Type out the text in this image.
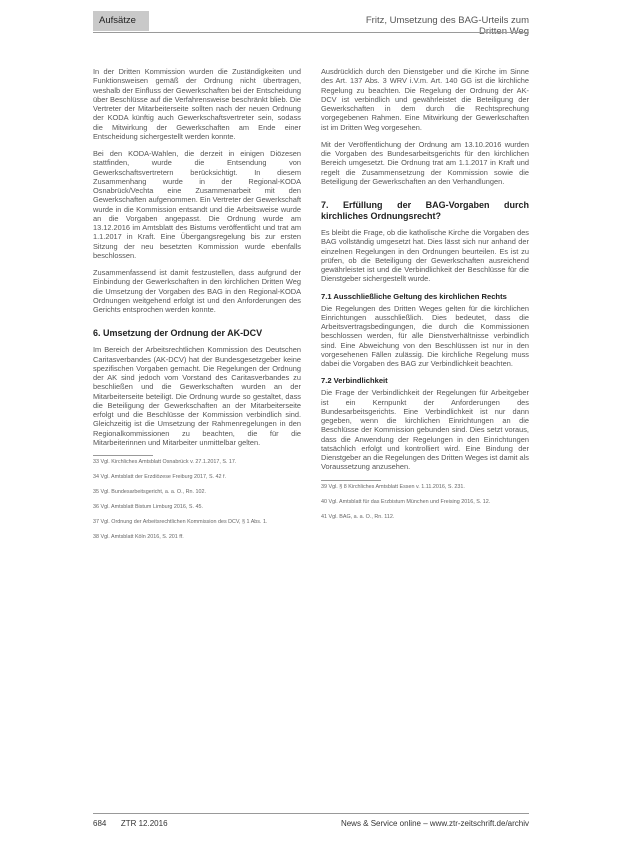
Aufsätze	Fritz, Umsetzung des BAG-Urteils zum

In der Dritten Kommission wurden die Zuständigkeiten und Funktionsweisen gemäß der Ordnung nicht übertragen, weshalb der Einfluss der Gewerkschaften bei der Entscheidung über Beschlüsse auf die Verfahrensweise beschränkt blieb. Die Vertreter der Mitarbeiterseite sollten nach der neuen Ordnung der KODA künftig auch Gewerkschaftsvertreter sein, sodass die Mitwirkung der Gewerkschaften am Ende einer Entscheidung sichergestellt werden konnte.

Bei den KODA-Wahlen, die derzeit in einigen Diözesen stattfinden, wurde die Entsendung von Gewerkschaftsvertretern berücksichtigt. In diesem Zusammenhang wurde in der Regional-KODA Osnabrück/Vechta eine Zusammenarbeit mit den Gewerkschaften aufgenommen. Ein Vertreter der Gewerkschaft wurde in die Kommission entsandt und die Arbeitsweise wurde an die Vorgaben angepasst. Die Ordnung wurde am 13.12.2016 im Amtsblatt des Bistums veröffentlicht und trat am 1.1.2017 in Kraft. Eine Übergangsregelung bis zur ersten Sitzung der neu besetzten Kommission wurde ebenfalls beschlossen.

Zusammenfassend ist damit festzustellen, dass aufgrund der Einbindung der Gewerkschaften in den kirchlichen Dritten Weg die Umsetzung der Vorgaben des BAG in den Regional-KODA Ordnungen weitgehend erfolgt ist und den Anforderungen des Gerichts entsprochen werden konnte.

6. Umsetzung der Ordnung der AK-DCV

Im Bereich der Arbeitsrechtlichen Kommission des Deutschen Caritasverbandes (AK-DCV) hat der Bundesgesetzgeber keine spezifischen Vorgaben gemacht. Die Regelungen der Ordnung der AK sind jedoch vom Vorstand des Caritasverbandes zu beschließen und die Gewerkschaften wurden an der Mitarbeiterseite beteiligt. Die Ordnung wurde so gestaltet, dass die Beteiligung der Gewerkschaften an der Mitarbeiterseite erfolgt und die Beschlüsse der Kommission verbindlich sind. Gleichzeitig ist die Umsetzung der Rahmenregelungen in den Regionalkommissionen zu beachten, die für die Mitarbeiterinnen und Mitarbeiter unmittelbar gelten.

33 Vgl. Kirchliches Amtsblatt Osnabrück v. 27.1.2017, S. 17.

34 Vgl. Amtsblatt der Erzdiözese Freiburg 2017, S. 42 f.

35 Vgl. Bundesarbeitsgericht, a. a. O., Rn. 102.

36 Vgl. Amtsblatt Bistum Limburg 2016, S. 45.

37 Vgl. Ordnung der Arbeitsrechtlichen Kommission des DCV, § 1 Abs. 1.

38 Vgl. Amtsblatt Köln 2016, S. 201 ff.

Ausdrücklich durch den Dienstgeber und die Kirche im Sinne des Art. 137 Abs. 3 WRV i.V.m. Art. 140 GG ist die kirchliche Regelung zu beachten. Die Regelung der Ordnung der AK-DCV ist verbindlich und gewährleistet die Beteiligung der Gewerkschaften in dem durch die Rechtsprechung vorgegebenen Rahmen. Eine Mitwirkung der Gewerkschaften ist im Dritten Weg vorgesehen.

Mit der Veröffentlichung der Ordnung am 13.10.2016 wurden die Vorgaben des Bundesarbeitsgerichts für den kirchlichen Bereich umgesetzt. Die Ordnung trat am 1.1.2017 in Kraft und regelt die Zusammensetzung der Kommission sowie die Beteiligung der Gewerkschaften an den Verhandlungen.

7. Erfüllung der BAG-Vorgaben durch kirchliches Ordnungsrecht?

Es bleibt die Frage, ob die katholische Kirche die Vorgaben des BAG vollständig umgesetzt hat. Dies lässt sich nur anhand der einzelnen Regelungen in den Ordnungen beurteilen. Es ist zu prüfen, ob die Beteiligung der Gewerkschaften ausreichend gewährleistet ist und die Verbindlichkeit der Beschlüsse für die Dienstgeber sichergestellt wurde.

7.1 Ausschließliche Geltung des kirchlichen Rechts

Die Regelungen des Dritten Weges gelten für die kirchlichen Einrichtungen ausschließlich. Dies bedeutet, dass die Arbeitsvertragsbedingungen, die durch die Kommissionen beschlossen werden, für alle Dienstverhältnisse verbindlich sind. Eine Abweichung von den Beschlüssen ist nur in den vorgesehenen Fällen zulässig. Die kirchliche Regelung muss dabei die Vorgaben des BAG zur Verbindlichkeit beachten.

7.2 Verbindlichkeit

Die Frage der Verbindlichkeit der Regelungen für Arbeitgeber ist ein Kernpunkt der Anforderungen des Bundesarbeitsgerichts. Eine Verbindlichkeit ist nur dann gegeben, wenn die kirchlichen Einrichtungen an die Beschlüsse der Kommission gebunden sind. Dies setzt voraus, dass die Anwendung der Regelungen in den Einrichtungen tatsächlich erfolgt und kontrolliert wird. Eine Bindung der Dienstgeber an die Regelungen des Dritten Weges ist damit als Voraussetzung anzusehen.

39 Vgl. § 8 Kirchliches Amtsblatt Essen v. 1.11.2016, S. 231.

40 Vgl. Amtsblatt für das Erzbistum München und Freising 2016, S. 12.

41 Vgl. BAG, a. a. O., Rn. 112.

684 ZTR 12.2016	News & Service online – www.ztr-zeitschrift.de/archiv
